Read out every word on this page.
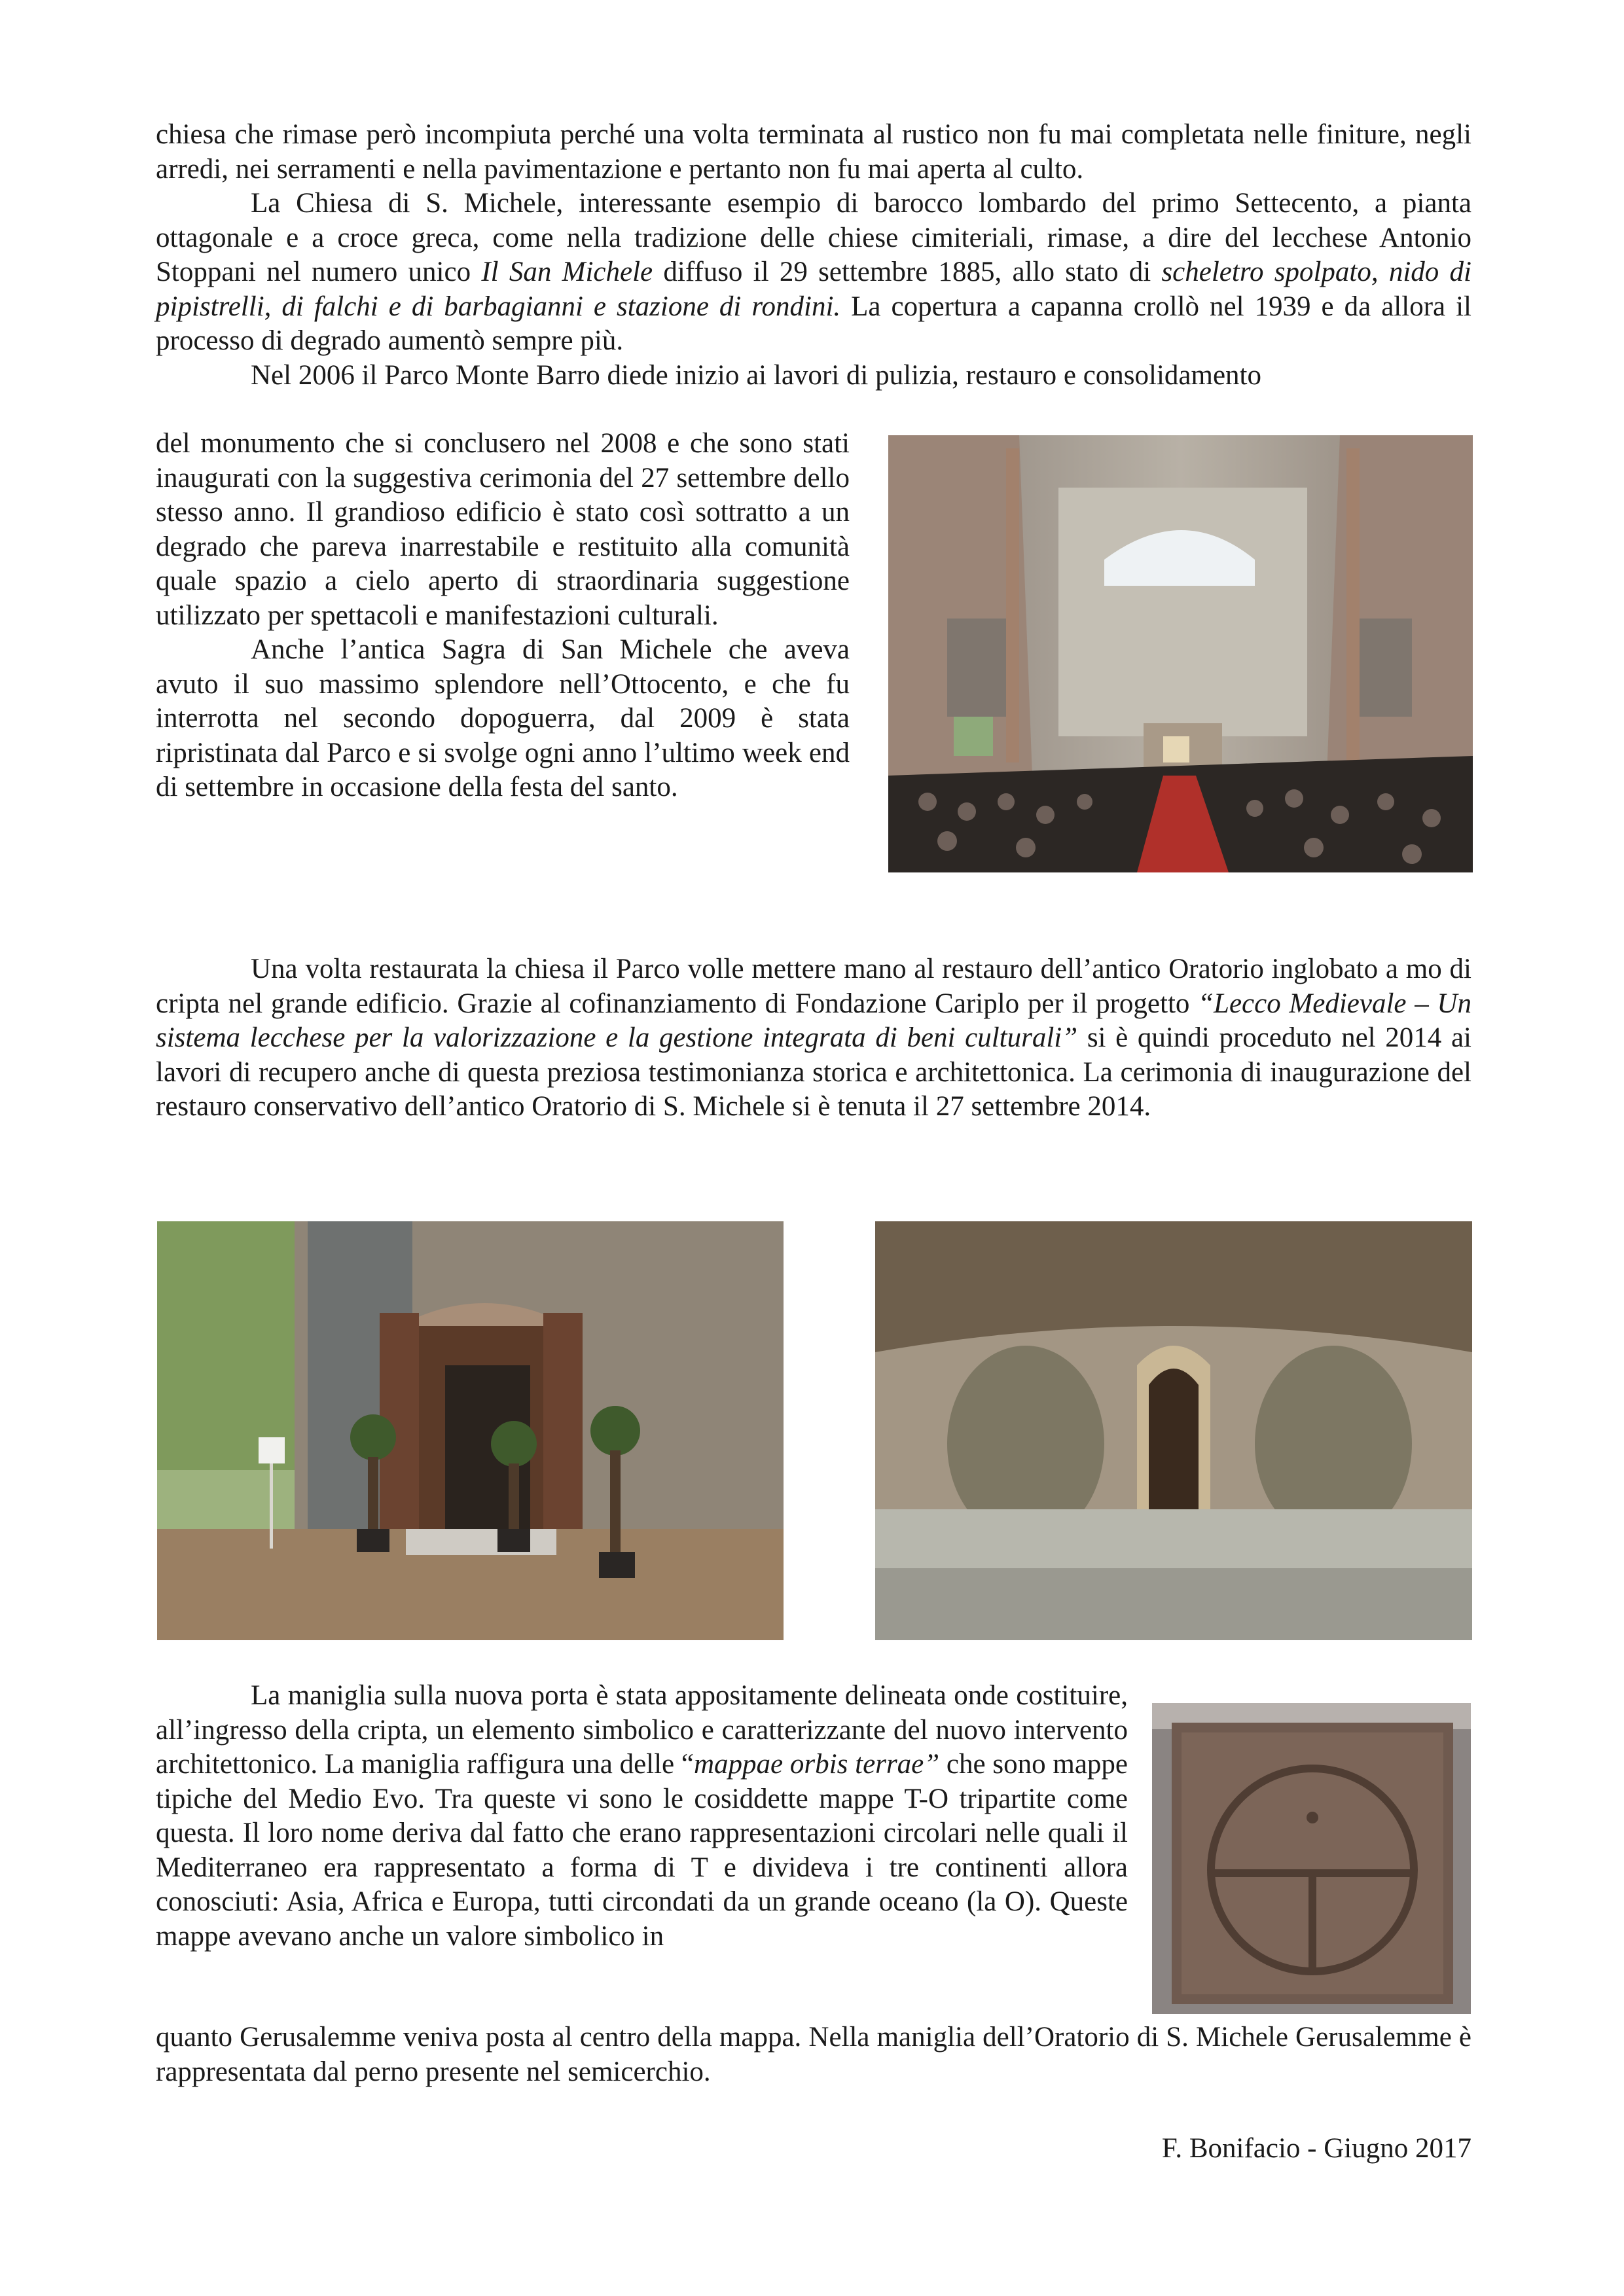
chiesa che rimase però incompiuta perché una volta terminata al rustico non fu mai completata nelle finiture, negli arredi, nei serramenti e nella pavimentazione e pertanto non fu mai aperta al culto.

La Chiesa di S. Michele, interessante esempio di barocco lombardo del primo Settecento, a pianta ottagonale e a croce greca, come nella tradizione delle chiese cimiteriali, rimase, a dire del lecchese Antonio Stoppani nel numero unico Il San Michele diffuso il 29 settembre 1885, allo stato di scheletro spolpato, nido di pipistrelli, di falchi e di barbagianni e stazione di rondini. La copertura a capanna crollò nel 1939 e da allora il processo di degrado aumentò sempre più.

Nel 2006 il Parco Monte Barro diede inizio ai lavori di pulizia, restauro e consolidamento

del monumento che si conclusero nel 2008 e che sono stati inaugurati con la suggestiva cerimonia del 27 settembre dello stesso anno. Il grandioso edificio è stato così sottratto a un degrado che pareva inarrestabile e restituito alla comunità quale spazio a cielo aperto di straordinaria suggestione utilizzato per spettacoli e manifestazioni culturali.

Anche l’antica Sagra di San Michele che aveva avuto il suo massimo splendore nell’Ottocento, e che fu interrotta nel secondo dopoguerra, dal 2009 è stata ripristinata dal Parco e si svolge ogni anno l’ultimo week end di settembre in occasione della festa del santo.

Una volta restaurata la chiesa il Parco volle mettere mano al restauro dell’antico Oratorio inglobato a mo di cripta nel grande edificio. Grazie al cofinanziamento di Fondazione Cariplo per il progetto “Lecco Medievale – Un sistema lecchese per la valorizzazione e la gestione integrata di beni culturali” si è quindi proceduto nel 2014 ai lavori di recupero anche di questa preziosa testimonianza storica e architettonica. La cerimonia di inaugurazione del restauro conservativo dell’antico Oratorio di S. Michele si è tenuta il 27 settembre 2014.

La maniglia sulla nuova porta è stata appositamente delineata onde costituire, all’ingresso della cripta, un elemento simbolico e caratterizzante del nuovo intervento architettonico. La maniglia raffigura una delle “mappae orbis terrae” che sono mappe tipiche del Medio Evo. Tra queste vi sono le cosiddette mappe T-O tripartite come questa. Il loro nome deriva dal fatto che erano rappresentazioni circolari nelle quali il Mediterraneo era rappresentato a forma di T e divideva i tre continenti allora conosciuti: Asia, Africa e Europa, tutti circondati da un grande oceano (la O). Queste mappe avevano anche un valore simbolico in

quanto Gerusalemme veniva posta al centro della mappa. Nella maniglia dell’Oratorio di S. Michele Gerusalemme è rappresentata dal perno presente nel semicerchio.

F. Bonifacio - Giugno 2017
